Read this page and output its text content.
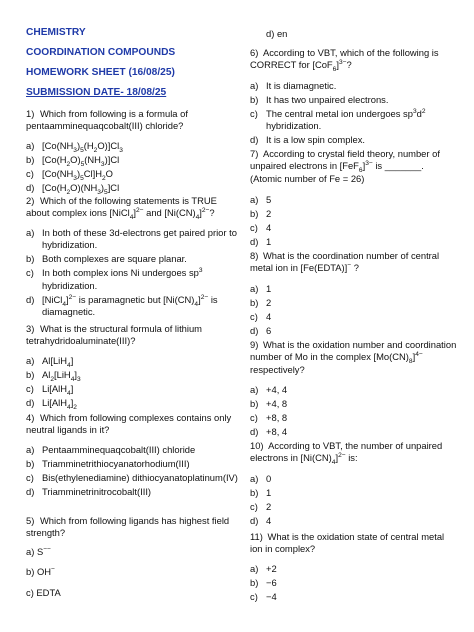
CHEMISTRY
COORDINATION COMPOUNDS
HOMEWORK SHEET (16/08/25)
SUBMISSION DATE- 18/08/25
1) Which from following is a formula of pentaamminequaqcobalt(III) chloride?
a) $[Co(NH_3)_5(H_2O)]Cl_3$
b) $[Co(H_2O)_5(NH_3)]Cl$
c) $[Co(NH_3)_5Cl]H_2O$
d) $[Co(H_2O)(NH_3)_5]Cl$
2) Which of the following statements is TRUE about complex ions [NiCl$_4$]$^{2-}$ and $[Ni(CN)_4]^{2-}$?
a) In both of these 3d-electrons get paired prior to hybridization.
b) Both complexes are square planar.
c) In both complex ions Ni undergoes $sp^3$ hybridization.
d) [NiCl$_4$]$^{2-}$ is paramagnetic but $[Ni(CN)_4]^{2-}$ is diamagnetic.
3) What is the structural formula of lithium tetrahydridoaluminate(III)?
a) Al[LiH$_4$]
b) $Al_2[LiH_4]_3$
c) Li[AlH$_4$]
d) $Li[AlH_4]_2$
4) Which from following complexes contains only neutral ligands in it?
a) Pentaamminequaqcobalt(III) chloride
b) Triamminetrithiocyanatorhodium(III)
c) Bis(ethylenediamine) dithiocyanatoplatinum(IV)
d) Triamminetrinitrocobalt(III)
5) Which from following ligands has highest field strength?
a) S−−
b) OH−
c) EDTA
d) en
6) According to VBT, which of the following is CORRECT for $[CoF_6]^{3-}$?
a) It is diamagnetic.
b) It has two unpaired electrons.
c) The central metal ion undergoes $sp^3d^2$ hybridization.
d) It is a low spin complex.
7) According to crystal field theory, number of unpaired electrons in $[FeF_6]^{3-}$ is _______.
(Atomic number of Fe = 26)
a) 5
b) 2
c) 4
d) 1
8) What is the coordination number of central metal ion in [Fe(EDTA)]− ?
a) 1
b) 2
c) 4
d) 6
9) What is the oxidation number and coordination number of Mo in the complex $[Mo(CN)_8]^{4-}$ respectively?
a) +4, 4
b) +4, 8
c) +8, 8
d) +8, 4
10) According to VBT, the number of unpaired electrons in $[Ni(CN)_4]^{2-}$ is:
a) 0
b) 1
c) 2
d) 4
11) What is the oxidation state of central metal ion in complex?
a) +2
b) −6
c) −4
